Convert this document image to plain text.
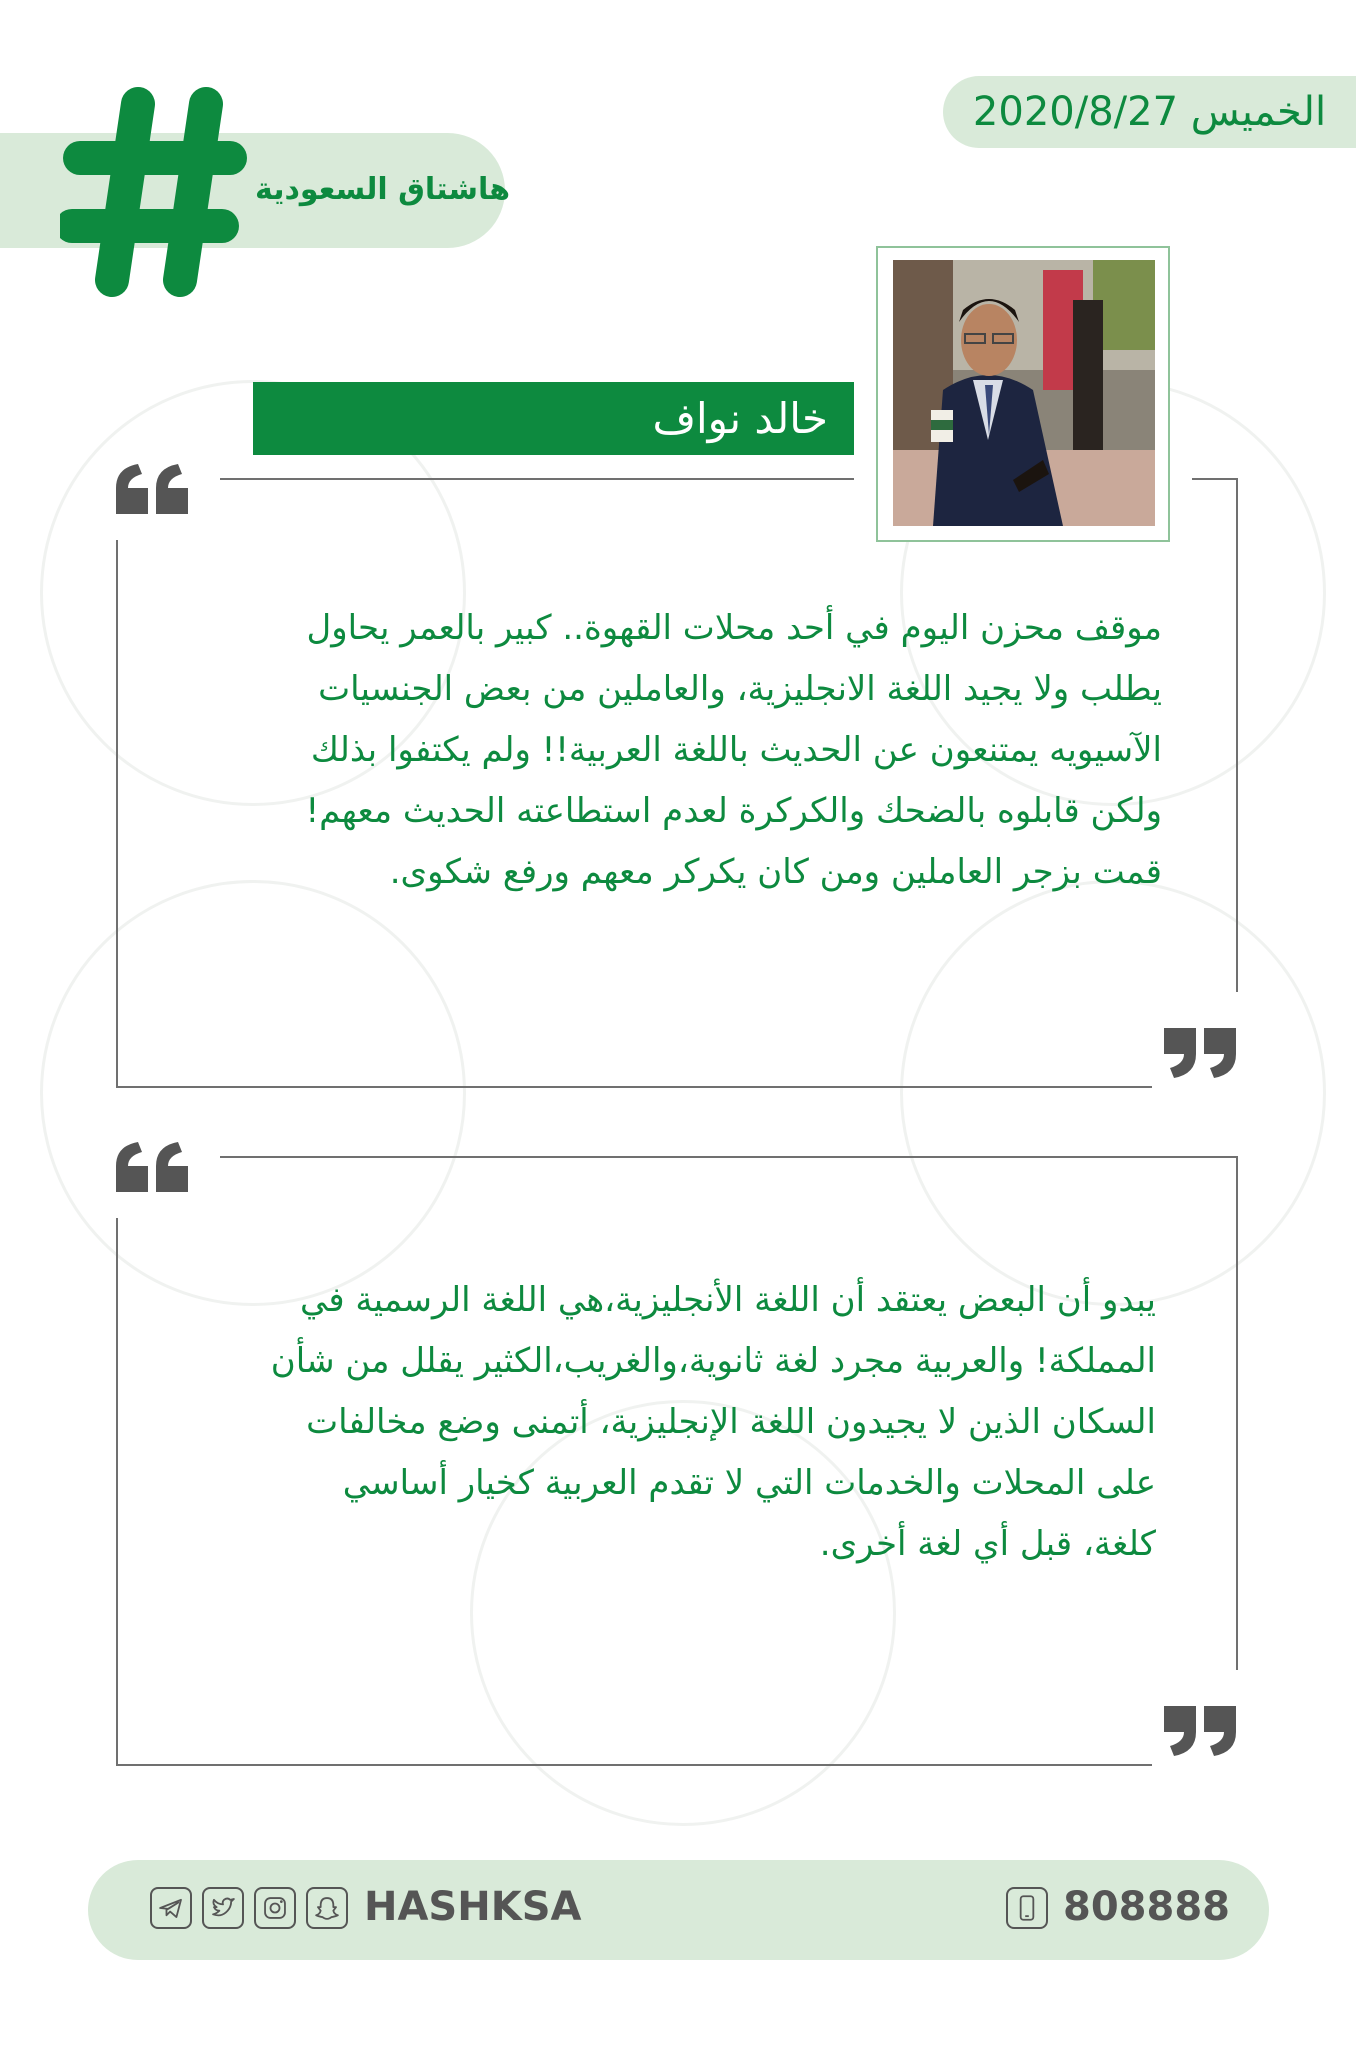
هاشتاق السعودية
الخميس 2020/8/27
خالد نواف
موقف محزن اليوم في أحد محلات القهوة.. كبير بالعمر يحاول
يطلب ولا يجيد اللغة الانجليزية، والعاملين من بعض الجنسيات
الآسيويه يمتنعون عن الحديث باللغة العربية!! ولم يكتفوا بذلك
ولكن قابلوه بالضحك والكركرة لعدم استطاعته الحديث معهم!
قمت بزجر العاملين ومن كان يكركر معهم ورفع شكوى.
يبدو أن البعض يعتقد أن اللغة الأنجليزية،هي اللغة الرسمية في
المملكة! والعربية مجرد لغة ثانوية،والغريب،الكثير يقلل من شأن
السكان الذين لا يجيدون اللغة الإنجليزية، أتمنى وضع مخالفات
على المحلات والخدمات التي لا تقدم العربية كخيار أساسي
كلغة، قبل أي لغة أخرى.
HASHKSA	808888
